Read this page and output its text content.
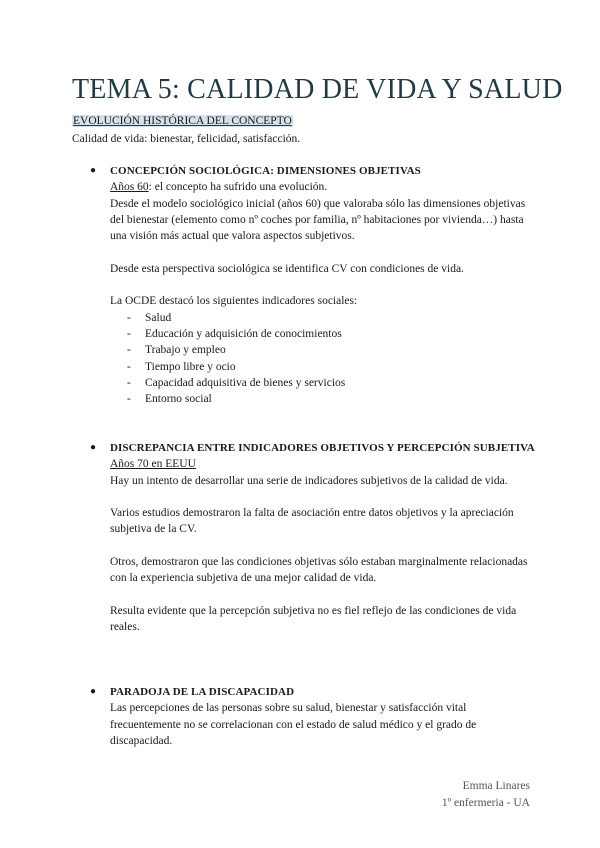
TEMA 5: CALIDAD DE VIDA Y SALUD
EVOLUCIÓN HISTÓRICA DEL CONCEPTO
Calidad de vida: bienestar, felicidad, satisfacción.
● CONCEPCIÓN SOCIOLÓGICA: DIMENSIONES OBJETIVAS

Años 60: el concepto ha sufrido una evolución.

Desde el modelo sociológico inicial (años 60) que valoraba sólo las dimensiones objetivas del bienestar (elemento como nº coches por familia, nº habitaciones por vivienda…) hasta una visión más actual que valora aspectos subjetivos.

Desde esta perspectiva sociológica se identifica CV con condiciones de vida.

La OCDE destacó los siguientes indicadores sociales:

- Salud
- Educación y adquisición de conocimientos
- Trabajo y empleo
- Tiempo libre y ocio
- Capacidad adquisitiva de bienes y servicios
- Entorno social
● DISCREPANCIA ENTRE INDICADORES OBJETIVOS Y PERCEPCIÓN SUBJETIVA

Años 70 en EEUU

Hay un intento de desarrollar una serie de indicadores subjetivos de la calidad de vida.

Varios estudios demostraron la falta de asociación entre datos objetivos y la apreciación subjetiva de la CV.

Otros, demostraron que las condiciones objetivas sólo estaban marginalmente relacionadas con la experiencia subjetiva de una mejor calidad de vida.

Resulta evidente que la percepción subjetiva no es fiel reflejo de las condiciones de vida reales.

● PARADOJA DE LA DISCAPACIDAD

Las percepciones de las personas sobre su salud, bienestar y satisfacción vital frecuentemente no se correlacionan con el estado de salud médico y el grado de discapacidad.

Emma Linares
1º enfermeria - UA
